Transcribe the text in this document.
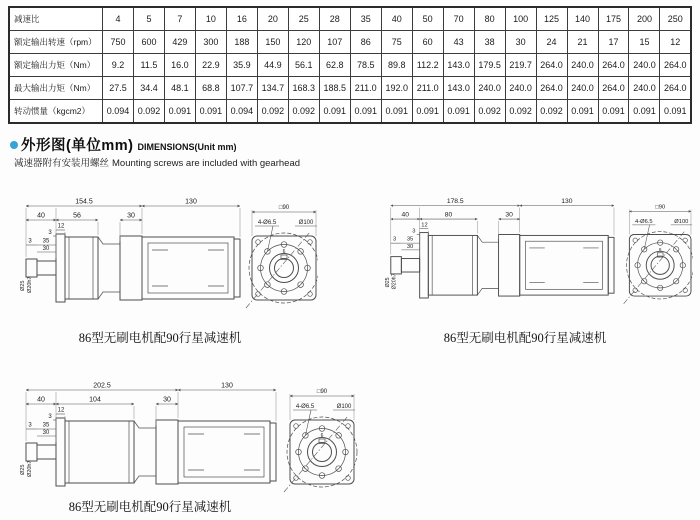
减速比	4	5	7	10	16	20	25	28	35	40	50	70	80	100	125	140	175	200	250
额定输出转速（rpm）	750	600	429	300	188	150	120	107	86	75	60	43	38	30	24	21	17	15	12
额定输出力矩（Nm）	9.2	11.5	16.0	22.9	35.9	44.9	56.1	62.8	78.5	89.8	112.2	143.0	179.5	219.7	264.0	240.0	264.0	240.0	264.0
最大输出力矩（Nm）	27.5	34.4	48.1	68.8	107.7	134.7	168.3	188.5	211.0	192.0	211.0	143.0	240.0	240.0	264.0	240.0	264.0	240.0	264.0
转动惯量（kgcm2）	0.094	0.092	0.091	0.091	0.094	0.092	0.092	0.091	0.091	0.091	0.091	0.091	0.092	0.092	0.092	0.091	0.091	0.091	0.091
外形图(单位mm) DIMENSIONS(Unit mm)
减速器附有安装用螺丝 Mounting screws are included with gearhead
154.5	130
40	56	30
12
3
3 35
30
Ø25 Ø20h7
□90
4-Ø6.5	Ø100
6
86型无刷电机配90行星减速机
178.5	130
40	80	30
12
3
3 35
30
Ø25 Ø20h7
□90
4-Ø6.5	Ø100
6
86型无刷电机配90行星减速机
202.5	130
40	104	30
12
3
3 35
30
Ø25 Ø20h7
□90
4-Ø6.5	Ø100
6
86型无刷电机配90行星减速机
